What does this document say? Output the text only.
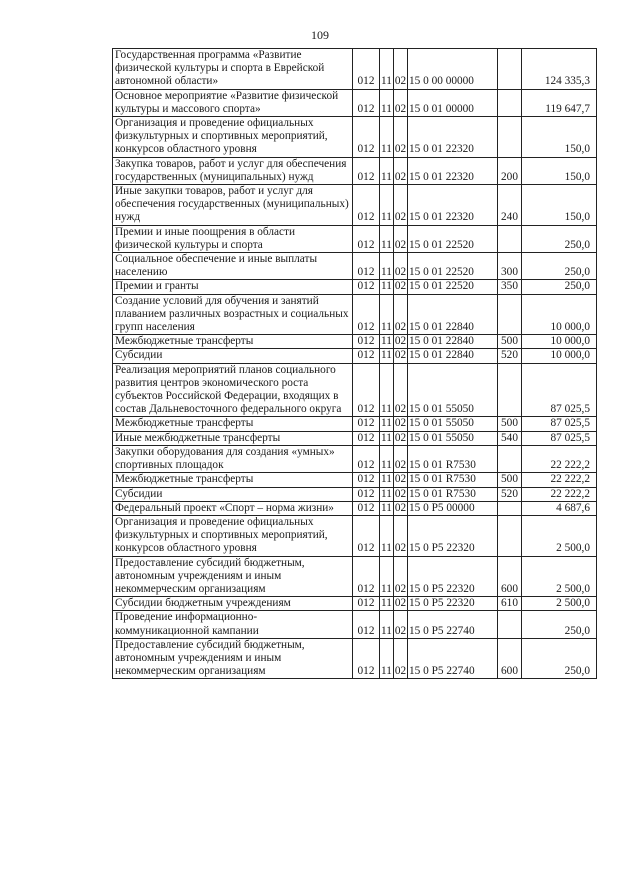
109
Государственная программа «Развитие физической культуры и спорта в Еврейской автономной области»	012	11	02	15 0 00 00000		124 335,3
Основное мероприятие «Развитие физической культуры и массового спорта»	012	11	02	15 0 01 00000		119 647,7
Организация и проведение официальных физкультурных и спортивных мероприятий, конкурсов областного уровня	012	11	02	15 0 01 22320		150,0
Закупка товаров, работ и услуг для обеспечения государственных (муниципальных) нужд	012	11	02	15 0 01 22320	200	150,0
Иные закупки товаров, работ и услуг для обеспечения государственных (муниципальных) нужд	012	11	02	15 0 01 22320	240	150,0
Премии и иные поощрения в области физической культуры и спорта	012	11	02	15 0 01 22520		250,0
Социальное обеспечение и иные выплаты населению	012	11	02	15 0 01 22520	300	250,0
Премии и гранты	012	11	02	15 0 01 22520	350	250,0
Создание условий для обучения и занятий плаванием различных возрастных и социальных групп населения	012	11	02	15 0 01 22840		10 000,0
Межбюджетные трансферты	012	11	02	15 0 01 22840	500	10 000,0
Субсидии	012	11	02	15 0 01 22840	520	10 000,0
Реализация мероприятий планов социального развития центров экономического роста субъектов Российской Федерации, входящих в состав Дальневосточного федерального округа	012	11	02	15 0 01 55050		87 025,5
Межбюджетные трансферты	012	11	02	15 0 01 55050	500	87 025,5
Иные межбюджетные трансферты	012	11	02	15 0 01 55050	540	87 025,5
Закупки оборудования для создания «умных» спортивных площадок	012	11	02	15 0 01 R7530		22 222,2
Межбюджетные трансферты	012	11	02	15 0 01 R7530	500	22 222,2
Субсидии	012	11	02	15 0 01 R7530	520	22 222,2
Федеральный проект «Спорт – норма жизни»	012	11	02	15 0 P5 00000		4 687,6
Организация и проведение официальных физкультурных и спортивных мероприятий, конкурсов областного уровня	012	11	02	15 0 P5 22320		2 500,0
Предоставление субсидий бюджетным, автономным учреждениям и иным некоммерческим организациям	012	11	02	15 0 P5 22320	600	2 500,0
Субсидии бюджетным учреждениям	012	11	02	15 0 P5 22320	610	2 500,0
Проведение информационно-коммуникационной кампании	012	11	02	15 0 P5 22740		250,0
Предоставление субсидий бюджетным, автономным учреждениям и иным некоммерческим организациям	012	11	02	15 0 P5 22740	600	250,0
